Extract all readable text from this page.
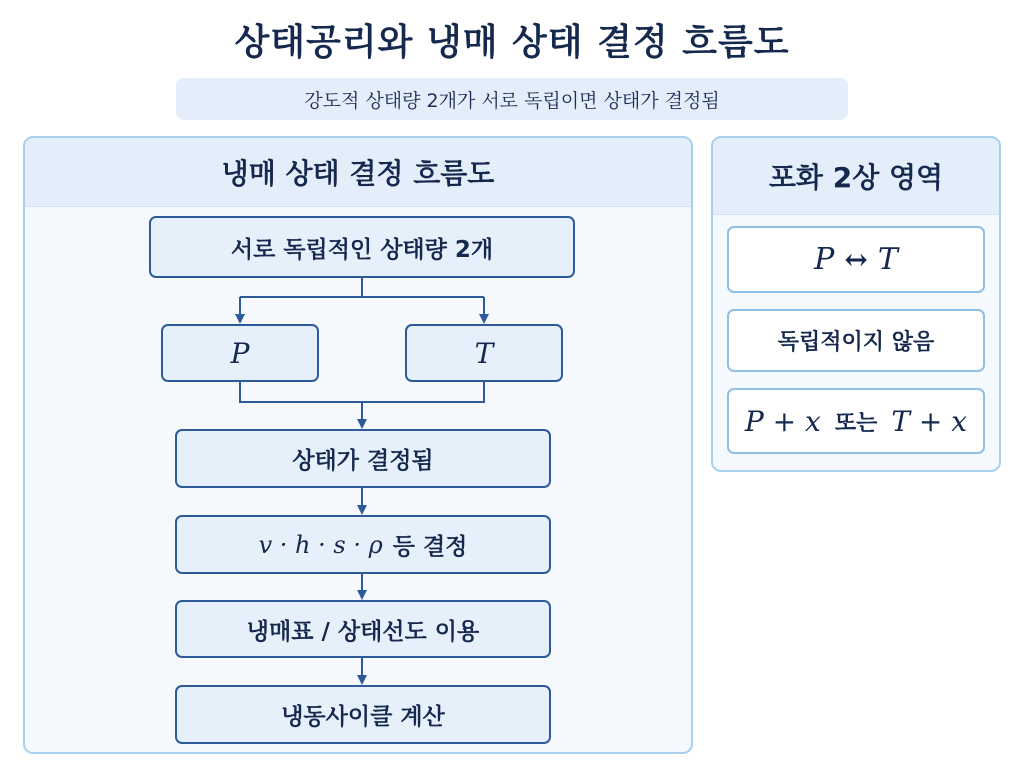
상태공리와 냉매 상태 결정 흐름도
강도적 상태량 2개가 서로 독립이면 상태가 결정됨
냉매 상태 결정 흐름도	포화 2상 영역
서로 독립적인 상태량 2개
P	T
상태가 결정됨
v · h · s · ρ 등 결정
냉매표 / 상태선도 이용
냉동사이클 계산
P ↔ T
독립적이지 않음
P + x 또는 T + x
